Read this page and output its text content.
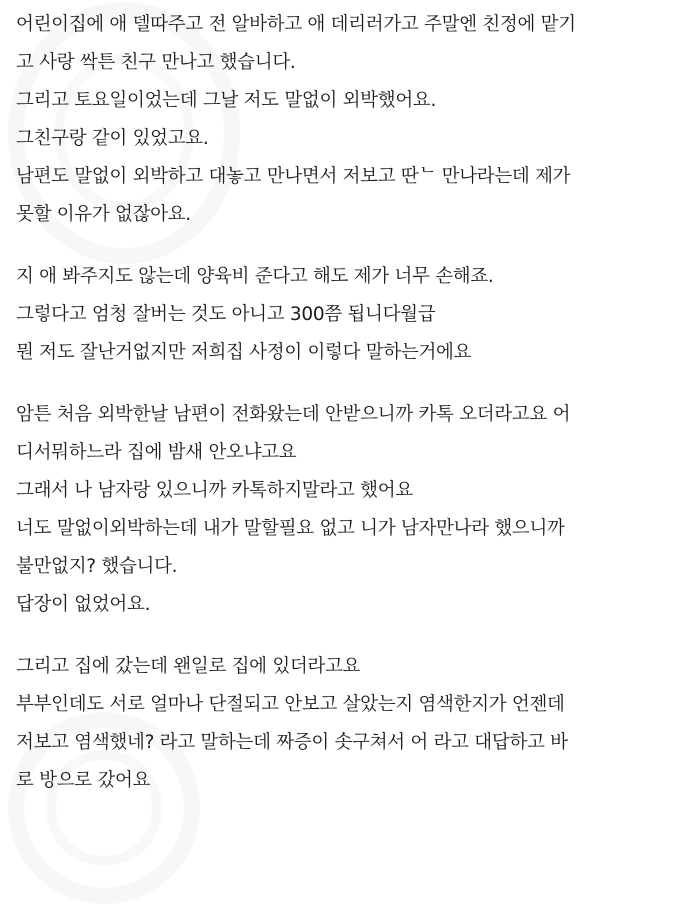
어린이집에 애 델따주고 전 알바하고 애 데리러가고 주말엔 친정에 맡기
고 사랑 싹튼 친구 만나고 했습니다.
그리고 토요일이었는데 그날 저도 말없이 외박했어요.
그친구랑 같이 있었고요.
남편도 말없이 외박하고 대놓고 만나면서 저보고 딴ᄂ 만나라는데 제가
못할 이유가 없잖아요.
지 애 봐주지도 않는데 양육비 준다고 해도 제가 너무 손해죠.
그렇다고 엄청 잘버는 것도 아니고 300쯤 됩니다월급
뭔 저도 잘난거없지만 저희집 사정이 이렇다 말하는거에요
암튼 처음 외박한날 남편이 전화왔는데 안받으니까 카톡 오더라고요 어
디서뭐하느라 집에 밤새 안오냐고요
그래서 나 남자랑 있으니까 카톡하지말라고 했어요
너도 말없이외박하는데 내가 말할필요 없고 니가 남자만나라 했으니까
불만없지? 했습니다.
답장이 없었어요.
그리고 집에 갔는데 왠일로 집에 있더라고요
부부인데도 서로 얼마나 단절되고 안보고 살았는지 염색한지가 언젠데
저보고 염색했네? 라고 말하는데 짜증이 솟구쳐서 어 라고 대답하고 바
로 방으로 갔어요
